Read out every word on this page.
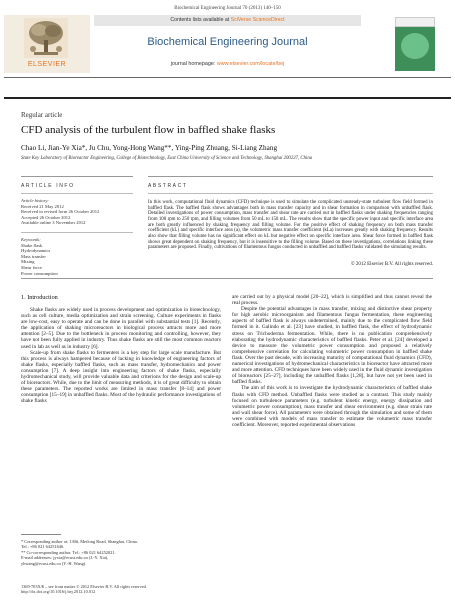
Biochemical Engineering Journal 70 (2013) 140–150
ELSEVIER
Contents lists available at SciVerse ScienceDirect
Biochemical Engineering Journal
journal homepage: www.elsevier.com/locate/bej
Regular article
CFD analysis of the turbulent flow in baffled shake flasks
Chao Li, Jian-Ye Xia*, Ju Chu, Yong-Hong Wang**, Ying-Ping Zhuang, Si-Liang Zhang
State Key Laboratory of Bioreactor Engineering, College of Biotechnology, East China University of Science and Technology, Shanghai 200237, China
ARTICLE INFO
Article history:
Received 21 May 2012
Received in revised form 26 October 2012
Accepted 26 October 2012
Available online 3 November 2012
Keywords:
Shake flask
Hydrodynamics
Mass transfer
Mixing
Shear force
Power consumption
ABSTRACT
In this work, computational fluid dynamics (CFD) technique is used to simulate the complicated unsteady-state turbulent flow field formed in baffled flask. The baffled flask shows advantages both in mass transfer capacity and in shear formation in comparison with unbaffled flask. Detailed investigations of power consumption, mass transfer and shear rate are carried out in baffled flasks under shaking frequencies ranging from 100 rpm to 250 rpm, and filling volumes from 50 mL to 150 mL. The results show that the specific power input and specific interface area are both greatly influenced by shaking frequency and filling volume. For the positive effect of shaking frequency on both mass transfer coefficient (kL) and specific interface area (a), the volumetric mass transfer coefficient (kLa) increases greatly with shaking frequency. Results also show that filling volume has no significant effect on kL but negative effect on specific interface area. Shear force formed in baffled flask shows great dependent on shaking frequency, but it is insensitive to the filling volume. Based on these investigations, correlations linking these parameters are proposed. Finally, cultivations of filamentous fungus conducted in unbaffled and baffled flasks validated the simulating results.
© 2012 Elsevier B.V. All rights reserved.
1. Introduction

Shake flasks are widely used in process development and optimization in biotechnology, such as cell culture, media optimization and strain screening. Culture experiments in flasks are low-cost, easy to operate and can be done in parallel with substantial tests [1]. Recently, the application of shaking microreactors in biological process attracts more and more attention [2–5]. Due to the bottleneck in process monitoring and controlling, however, they have not been fully applied in industry. Thus shake flasks are still the most common reactors used in lab as well as in industry [6].

Scale-up from shake flasks to fermenters is a key step for large scale manufacture. But this process is always hampered because of lacking in knowledge of engineering factors of shake flasks, especially baffled flasks, such as mass transfer, hydromechanics and power consumption [7]. A deep insight into engineering factors of shake flasks, especially hydromechanical study, will provide valuable data and criterions for the design and scale-up of bioreactors. While, due to the limit of measuring methods, it is of great difficulty to obtain these parameters. The reported works are limited in mass transfer [8–14] and power consumption [15–19] in unbaffled flasks. Most of the hydraulic performance investigations of shake flasks

are carried out by a physical model [20–22], which is simplified and thus cannot reveal the real process.

Despite the potential advantages in mass transfer, mixing and distinctive shear property for high aerobic microorganism and filamentous fungus fermentation, these engineering aspects of baffled flask is always undetermined, mainly due to the complicated flow field formed in it. Galindo et al. [23] have studied, in baffled flask, the effect of hydrodynamic stress on Trichoderma fermentation. While, there is no publication comprehensively elaborating the hydrodynamic characteristics of baffled flasks. Peter et al. [24] developed a device to measure the volumetric power consumption and proposed a relatively comprehensive correlation for calculating volumetric power consumption in baffled shake flask. Over the past decade, with increasing maturity of computational fluid dynamics (CFD), numerical investigations of hydromechanical characteristics in bioreactor have attracted more and more attention. CFD techniques have been widely used in the fluid dynamic investigation of bioreactors [25–27], including the unbaffled flasks [1,28], but have not yet been used in baffled flasks.

The aim of this work is to investigate the hydrodynamic characteristics of baffled shake flasks with CFD method. Unbaffled flasks were studied as a contrast. This study mainly focused on turbulence parameters (e.g. turbulent kinetic energy, energy dissipation and volumetric power consumption), mass transfer and shear environment (e.g. shear strain rate and wall shear force). All parameters were obtained through the simulation and some of them were combined with models of mass transfer to estimate the volumetric mass transfer coefficient. Moreover, reported experimental observations

* Corresponding author at: 130#, Meilong Road, Shanghai, China.
Tel.: +86 021 64251646.
** Co-corresponding author. Tel.: +86 021 64252021.
E-mail addresses: jyxia@ecust.edu.cn (J.-Y. Xia),
yhwang@ecust.edu.cn (Y.-H. Wang).
1369-703X/$ – see front matter © 2012 Elsevier B.V. All rights reserved.
http://dx.doi.org/10.1016/j.bej.2012.10.012
